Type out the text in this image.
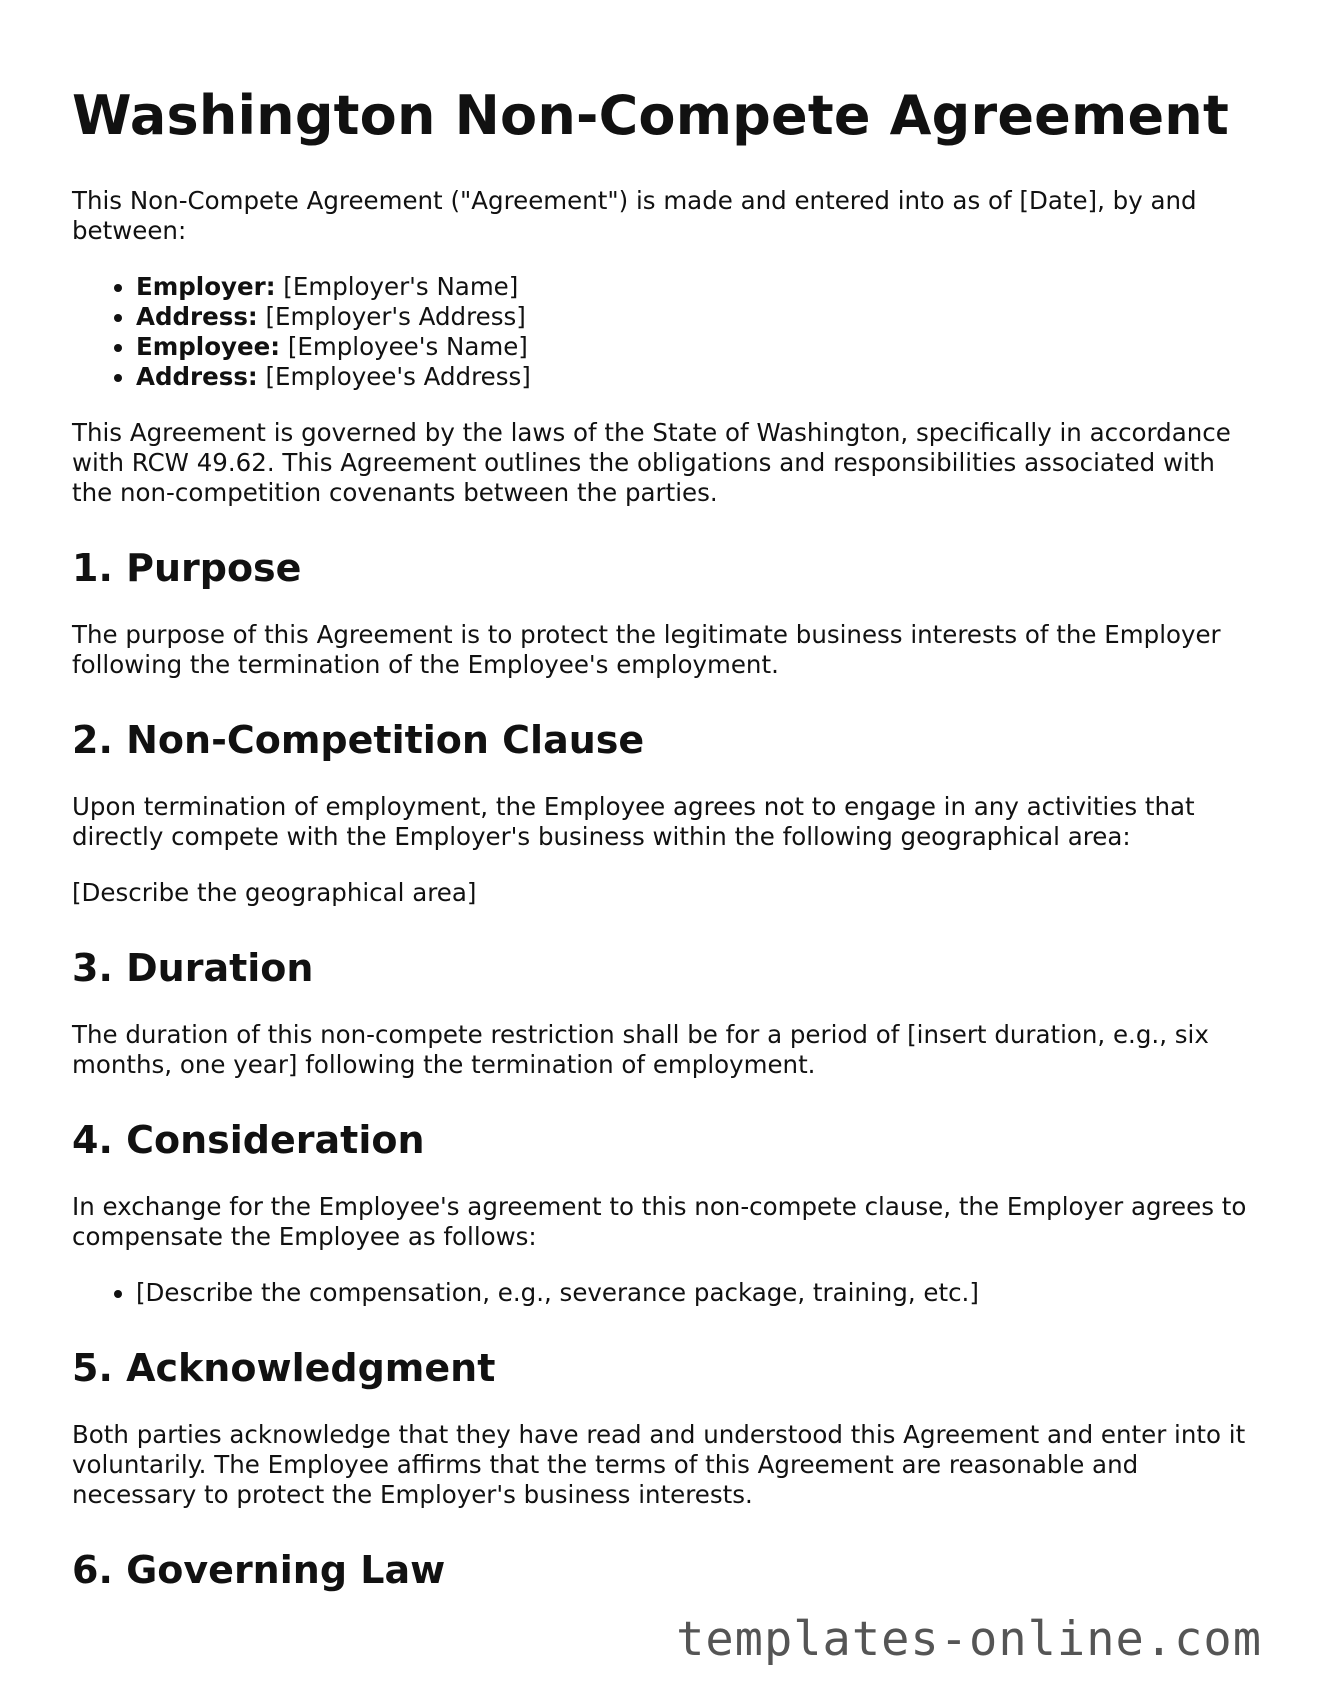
Washington Non-Compete Agreement

This Non-Compete Agreement ("Agreement") is made and entered into as of [Date], by and between:

• Employer: [Employer's Name]
• Address: [Employer's Address]
• Employee: [Employee's Name]
• Address: [Employee's Address]

This Agreement is governed by the laws of the State of Washington, specifically in accordance with RCW 49.62. This Agreement outlines the obligations and responsibilities associated with the non-competition covenants between the parties.

1. Purpose

The purpose of this Agreement is to protect the legitimate business interests of the Employer following the termination of the Employee's employment.

2. Non-Competition Clause

Upon termination of employment, the Employee agrees not to engage in any activities that directly compete with the Employer's business within the following geographical area:

[Describe the geographical area]

3. Duration

The duration of this non-compete restriction shall be for a period of [insert duration, e.g., six months, one year] following the termination of employment.

4. Consideration

In exchange for the Employee's agreement to this non-compete clause, the Employer agrees to compensate the Employee as follows:

• [Describe the compensation, e.g., severance package, training, etc.]
5. Acknowledgment

Both parties acknowledge that they have read and understood this Agreement and enter into it voluntarily. The Employee affirms that the terms of this Agreement are reasonable and necessary to protect the Employer's business interests.

6. Governing Law
templates-online.com
